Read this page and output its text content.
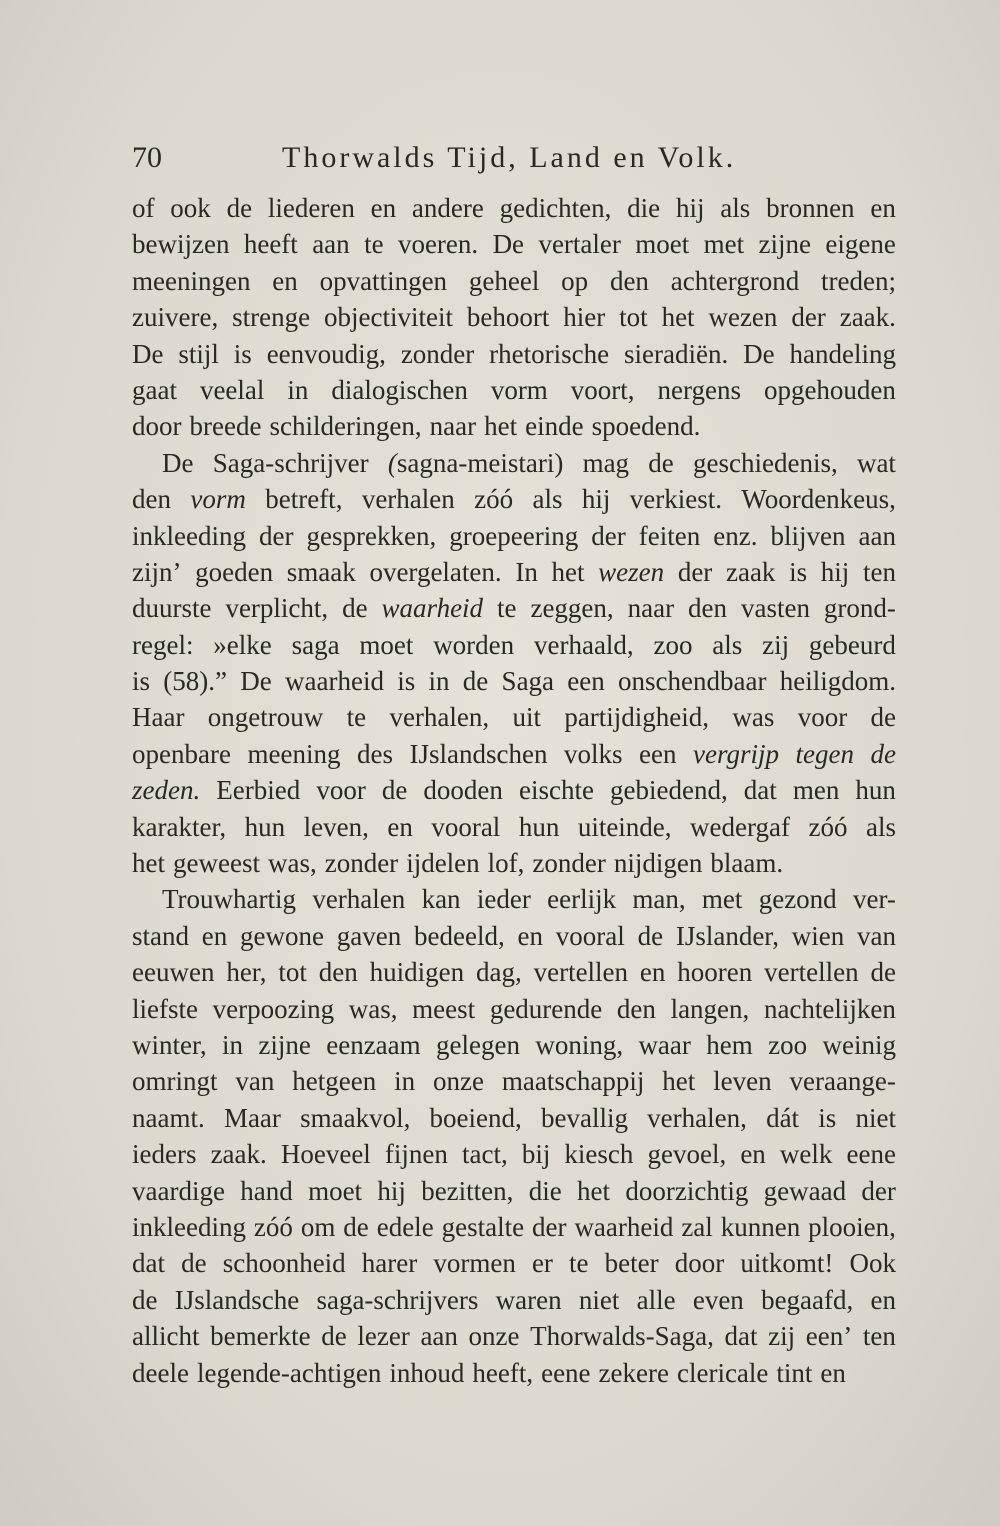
70	Thorwalds Tijd, Land en Volk.
of ook de liederen en andere gedichten, die hij als bronnen en
bewijzen heeft aan te voeren. De vertaler moet met zijne eigene
meeningen en opvattingen geheel op den achtergrond treden;
zuivere, strenge objectiviteit behoort hier tot het wezen der zaak.
De stijl is eenvoudig, zonder rhetorische sieradiën. De handeling
gaat veelal in dialogischen vorm voort, nergens opgehouden
door breede schilderingen, naar het einde spoedend.
De Saga-schrijver (sagna-meistari) mag de geschiedenis, wat
den vorm betreft, verhalen zóó als hij verkiest. Woordenkeus,
inkleeding der gesprekken, groepeering der feiten enz. blijven aan
zijn’ goeden smaak overgelaten. In het wezen der zaak is hij ten
duurste verplicht, de waarheid te zeggen, naar den vasten grond-
regel: »elke saga moet worden verhaald, zoo als zij gebeurd
is (58).” De waarheid is in de Saga een onschendbaar heiligdom.
Haar ongetrouw te verhalen, uit partijdigheid, was voor de
openbare meening des IJslandschen volks een vergrijp tegen de
zeden. Eerbied voor de dooden eischte gebiedend, dat men hun
karakter, hun leven, en vooral hun uiteinde, wedergaf zóó als
het geweest was, zonder ijdelen lof, zonder nijdigen blaam.
Trouwhartig verhalen kan ieder eerlijk man, met gezond ver-
stand en gewone gaven bedeeld, en vooral de IJslander, wien van
eeuwen her, tot den huidigen dag, vertellen en hooren vertellen de
liefste verpoozing was, meest gedurende den langen, nachtelijken
winter, in zijne eenzaam gelegen woning, waar hem zoo weinig
omringt van hetgeen in onze maatschappij het leven veraange-
naamt. Maar smaakvol, boeiend, bevallig verhalen, dát is niet
ieders zaak. Hoeveel fijnen tact, bij kiesch gevoel, en welk eene
vaardige hand moet hij bezitten, die het doorzichtig gewaad der
inkleeding zóó om de edele gestalte der waarheid zal kunnen plooien,
dat de schoonheid harer vormen er te beter door uitkomt! Ook
de IJslandsche saga-schrijvers waren niet alle even begaafd, en
allicht bemerkte de lezer aan onze Thorwalds-Saga, dat zij een’ ten
deele legende-achtigen inhoud heeft, eene zekere clericale tint en
